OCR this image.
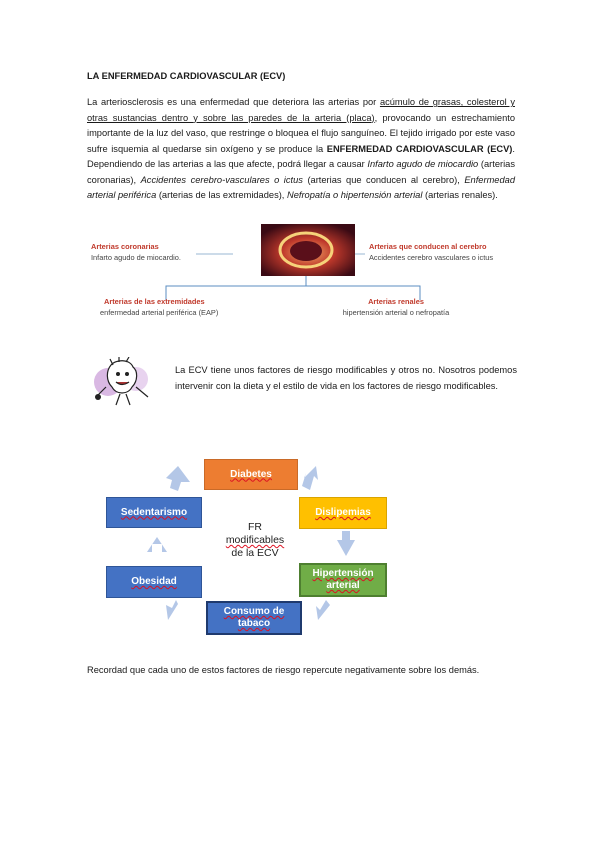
LA ENFERMEDAD CARDIOVASCULAR (ECV)
La arteriosclerosis es una enfermedad que deteriora las arterias por acúmulo de grasas, colesterol y otras sustancias dentro y sobre las paredes de la arteria (placa), provocando un estrechamiento importante de la luz del vaso, que restringe o bloquea el flujo sanguíneo. El tejido irrigado por este vaso sufre isquemia al quedarse sin oxígeno y se produce la ENFERMEDAD CARDIOVASCULAR (ECV). Dependiendo de las arterias a las que afecte, podrá llegar a causar Infarto agudo de miocardio (arterias coronarias), Accidentes cerebro-vasculares o ictus (arterias que conducen al cerebro), Enfermedad arterial periférica (arterias de las extremidades), Nefropatía o hipertensión arterial (arterias renales).
Arterias coronarias
Infarto agudo de miocardio.
Arterias que conducen al cerebro
Accidentes cerebro vasculares o ictus
Arterias de las extremidades
enfermedad arterial periférica (EAP)
Arterias renales
hipertensión arterial o nefropatía
La ECV tiene unos factores de riesgo modificables y otros no. Nosotros podemos intervenir con la dieta y el estilo de vida en los factores de riesgo modificables.
Diabetes
Dislipemias
Hipertensión arterial
Consumo de tabaco
Obesidad
Sedentarismo
FR
modificables
de la ECV
Recordad que cada uno de estos factores de riesgo repercute negativamente sobre los demás.
